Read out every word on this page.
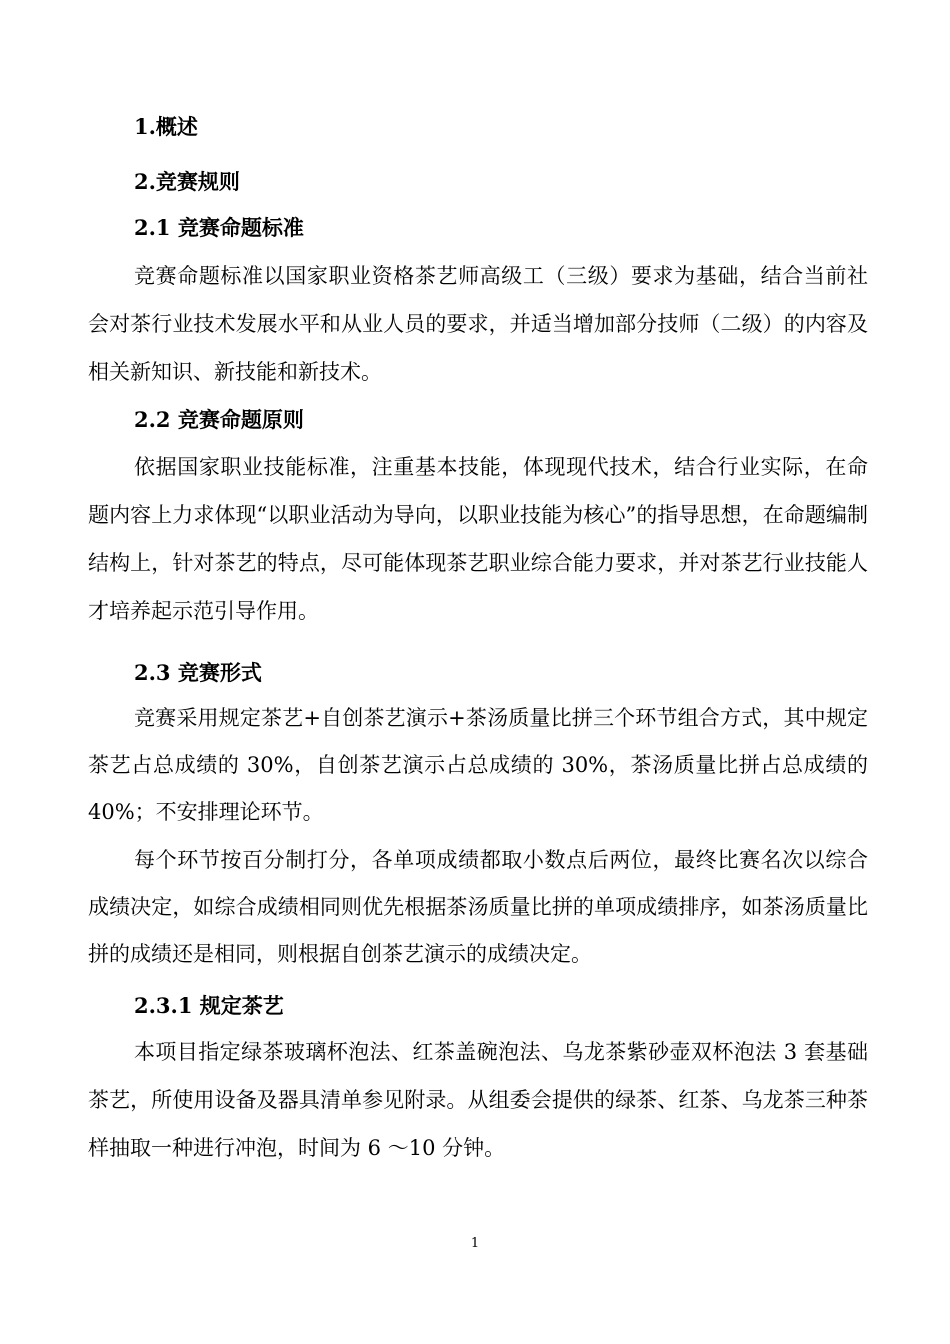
1.概述
2.竞赛规则
2.1 竞赛命题标准
竞赛命题标准以国家职业资格茶艺师高级工（三级）要求为基础，结合当前社会对茶行业技术发展水平和从业人员的要求，并适当增加部分技师（二级）的内容及相关新知识、新技能和新技术。
2.2 竞赛命题原则
依据国家职业技能标准，注重基本技能，体现现代技术，结合行业实际，在命题内容上力求体现“以职业活动为导向，以职业技能为核心”的指导思想，在命题编制结构上，针对茶艺的特点，尽可能体现茶艺职业综合能力要求，并对茶艺行业技能人才培养起示范引导作用。
2.3 竞赛形式
竞赛采用规定茶艺+自创茶艺演示+茶汤质量比拼三个环节组合方式，其中规定茶艺占总成绩的 30%，自创茶艺演示占总成绩的 30%，茶汤质量比拼占总成绩的 40%；不安排理论环节。
每个环节按百分制打分，各单项成绩都取小数点后两位，最终比赛名次以综合成绩决定，如综合成绩相同则优先根据茶汤质量比拼的单项成绩排序，如茶汤质量比拼的成绩还是相同，则根据自创茶艺演示的成绩决定。
2.3.1 规定茶艺
本项目指定绿茶玻璃杯泡法、红茶盖碗泡法、乌龙茶紫砂壶双杯泡法 3 套基础茶艺，所使用设备及器具清单参见附录。从组委会提供的绿茶、红茶、乌龙茶三种茶样抽取一种进行冲泡，时间为 6 ～10 分钟。
1
